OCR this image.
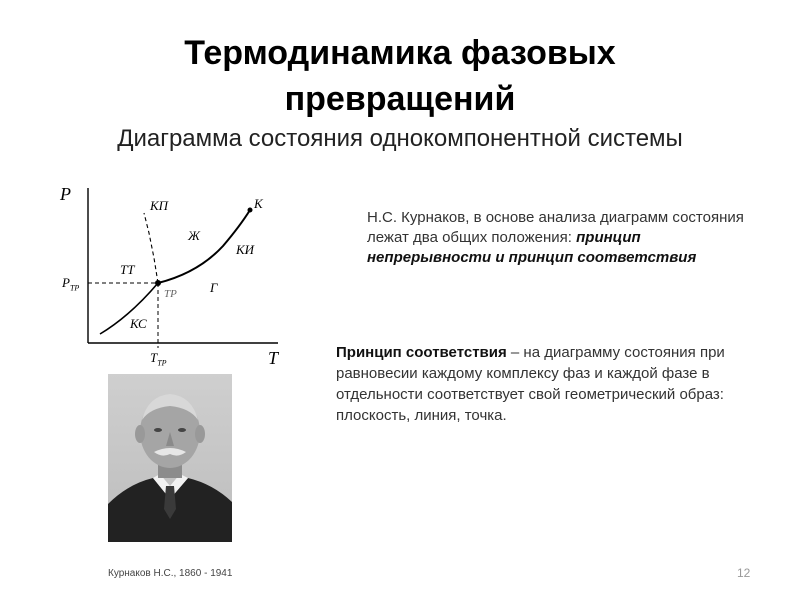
Термодинамика фазовых превращений
Диаграмма состояния однокомпонентной системы
P
T
$P_{ТР}$
$T_{ТР}$
ТР
КП	К
Ж
КИ
ТТ
Г
КС
Н.С. Курнаков, в основе анализа диаграмм состояния лежат два общих положения: принцип непрерывности и принцип соответствия
Принцип соответствия – на диаграмму состояния при равновесии каждому комплексу фаз и каждой фазе в отдельности соответствует свой геометрический образ: плоскость, линия, точка.
Курнаков Н.С., 1860 - 1941	12
